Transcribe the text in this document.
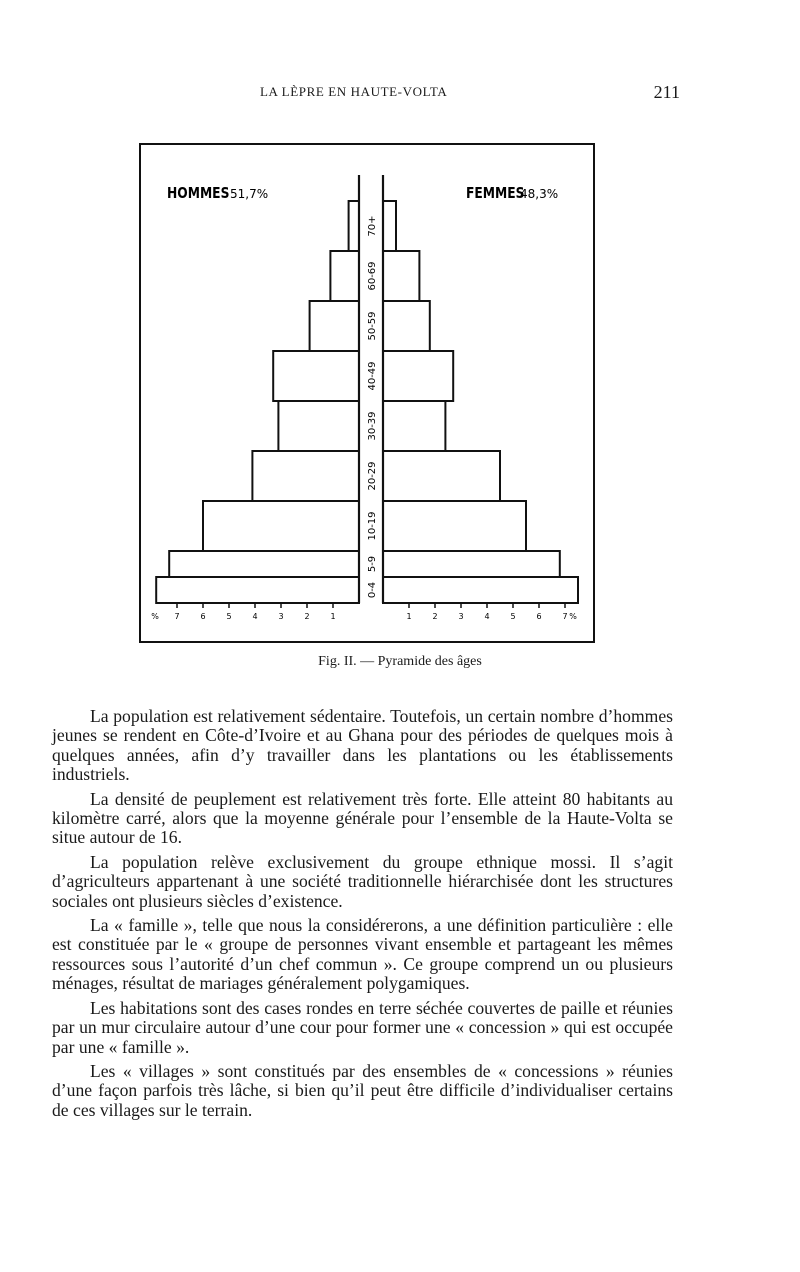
LA LÈPRE EN HAUTE-VOLTA	211
0-4
5-9
10-19
20-29
30-39
40-49
50-59
60-69
70+
% 7	6	5	4	3	2	1	1	2	3	4	5	6	7 %
HOMMES 51,7%	FEMMES
48,3%
Fig. II. — Pyramide des âges

La population est relativement sédentaire. Toutefois, un certain nombre d’hommes jeunes se rendent en Côte-d’Ivoire et au Ghana pour des périodes de quelques mois à quelques années, afin d’y travailler dans les plantations ou les établissements industriels.

La densité de peuplement est relativement très forte. Elle atteint 80 habitants au kilomètre carré, alors que la moyenne générale pour l’ensemble de la Haute-Volta se situe autour de 16.

La population relève exclusivement du groupe ethnique mossi. Il s’agit d’agriculteurs appartenant à une société traditionnelle hiérarchisée dont les structures sociales ont plusieurs siècles d’existence.

La « famille », telle que nous la considérerons, a une définition particulière : elle est constituée par le « groupe de personnes vivant ensemble et partageant les mêmes ressources sous l’autorité d’un chef commun ». Ce groupe comprend un ou plusieurs ménages, résultat de mariages généralement polygamiques.

Les habitations sont des cases rondes en terre séchée couvertes de paille et réunies par un mur circulaire autour d’une cour pour former une « concession » qui est occupée par une « famille ».

Les « villages » sont constitués par des ensembles de « concessions » réunies d’une façon parfois très lâche, si bien qu’il peut être difficile d’individualiser certains de ces villages sur le terrain.
